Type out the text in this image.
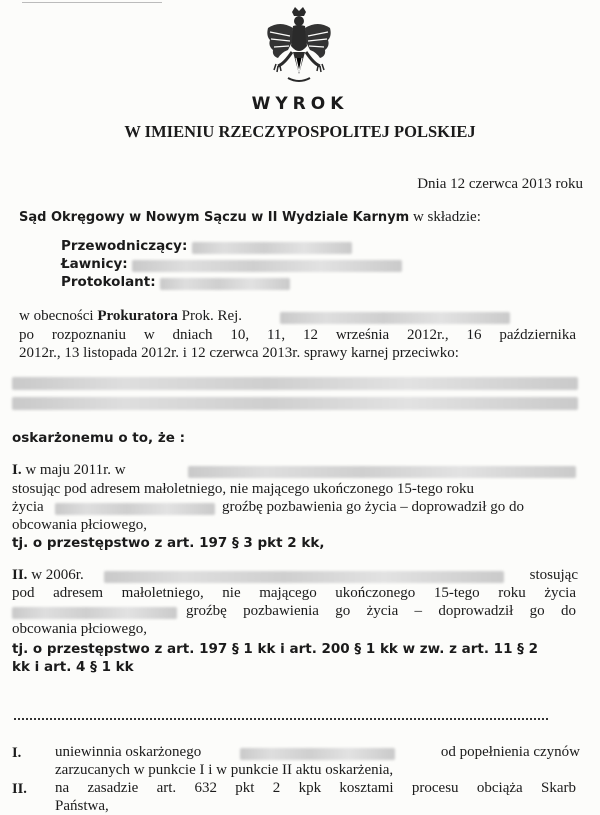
WYROK
W IMIENIU RZECZYPOSPOLITEJ POLSKIEJ
Dnia 12 czerwca 2013 roku
Sąd Okręgowy w Nowym Sączu w II Wydziale Karnym w składzie:
Przewodniczący:
Ławnicy:
Protokolant:
w obecności Prokuratora Prok. Rej.
po rozpoznaniu w dniach 10, 11, 12 września 2012r., 16 października
2012r., 13 listopada 2012r. i 12 czerwca 2013r. sprawy karnej przeciwko:
oskarżonemu o to, że :
I. w maju 2011r. w
stosując pod adresem małoletniego, nie mającego ukończonego 15-tego roku
życia	groźbę pozbawienia go życia – doprowadził go do
obcowania płciowego,
tj. o przestępstwo z art. 197 § 3 pkt 2 kk,
II. w 2006r.	stosując
pod adresem małoletniego, nie mającego ukończonego 15-tego roku życia
groźbę pozbawienia go życia – doprowadził go do
obcowania płciowego,
tj. o przestępstwo z art. 197 § 1 kk i art. 200 § 1 kk w zw. z art. 11 § 2
kk i art. 4 § 1 kk
I. uniewinnia oskarżonego	od popełnienia czynów
zarzucanych w punkcie I i w punkcie II aktu oskarżenia,
II. na zasadzie art. 632 pkt 2 kpk kosztami procesu obciąża Skarb
Państwa,
